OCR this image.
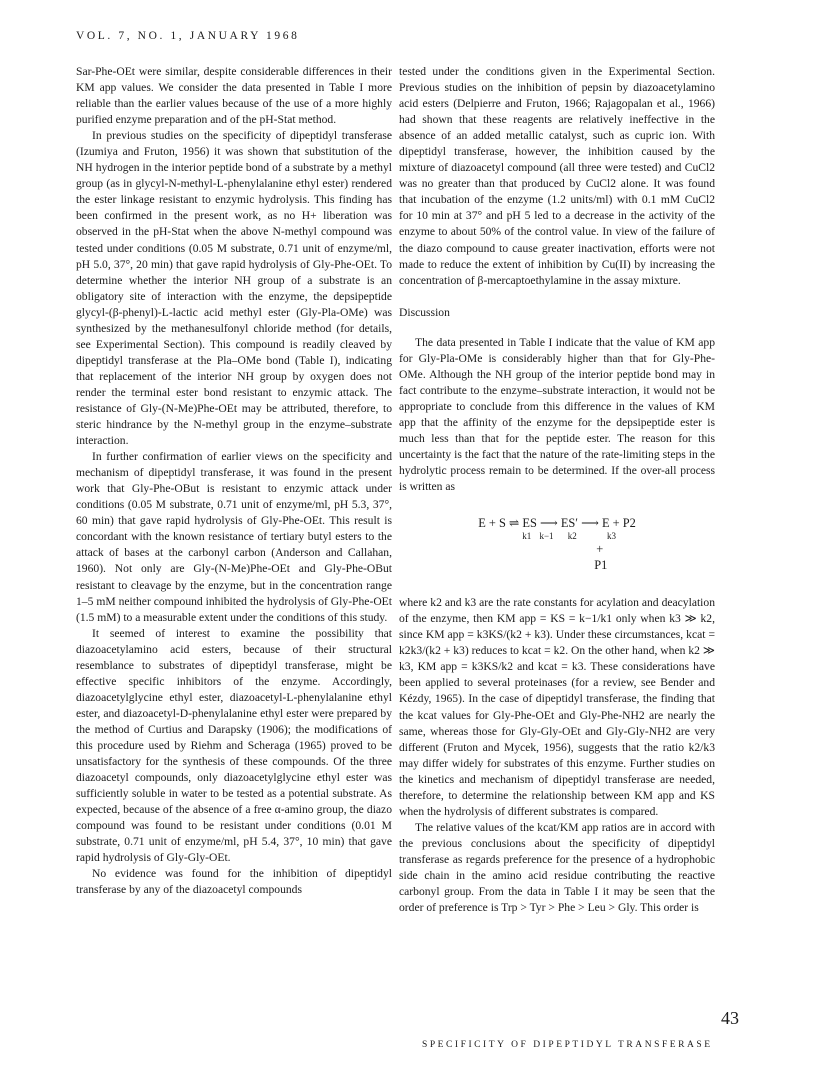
VOL. 7, NO. 1, JANUARY 1968

Sar-Phe-OEt were similar, despite considerable differences in their KM app values. We consider the data presented in Table I more reliable than the earlier values because of the use of a more highly purified enzyme preparation and of the pH-Stat method.

In previous studies on the specificity of dipeptidyl transferase (Izumiya and Fruton, 1956) it was shown that substitution of the NH hydrogen in the interior peptide bond of a substrate by a methyl group (as in glycyl-N-methyl-L-phenylalanine ethyl ester) rendered the ester linkage resistant to enzymic hydrolysis. This finding has been confirmed in the present work, as no H+ liberation was observed in the pH-Stat when the above N-methyl compound was tested under conditions (0.05 M substrate, 0.71 unit of enzyme/ml, pH 5.0, 37°, 20 min) that gave rapid hydrolysis of Gly-Phe-OEt. To determine whether the interior NH group of a substrate is an obligatory site of interaction with the enzyme, the depsipeptide glycyl-(β-phenyl)-L-lactic acid methyl ester (Gly-Pla-OMe) was synthesized by the methanesulfonyl chloride method (for details, see Experimental Section). This compound is readily cleaved by dipeptidyl transferase at the Pla–OMe bond (Table I), indicating that replacement of the interior NH group by oxygen does not render the terminal ester bond resistant to enzymic attack. The resistance of Gly-(N-Me)Phe-OEt may be attributed, therefore, to steric hindrance by the N-methyl group in the enzyme–substrate interaction.

In further confirmation of earlier views on the specificity and mechanism of dipeptidyl transferase, it was found in the present work that Gly-Phe-OBut is resistant to enzymic attack under conditions (0.05 M substrate, 0.71 unit of enzyme/ml, pH 5.3, 37°, 60 min) that gave rapid hydrolysis of Gly-Phe-OEt. This result is concordant with the known resistance of tertiary butyl esters to the attack of bases at the carbonyl carbon (Anderson and Callahan, 1960). Not only are Gly-(N-Me)Phe-OEt and Gly-Phe-OBut resistant to cleavage by the enzyme, but in the concentration range 1–5 mM neither compound inhibited the hydrolysis of Gly-Phe-OEt (1.5 mM) to a measurable extent under the conditions of this study.

It seemed of interest to examine the possibility that diazoacetylamino acid esters, because of their structural resemblance to substrates of dipeptidyl transferase, might be effective specific inhibitors of the enzyme. Accordingly, diazoacetylglycine ethyl ester, diazoacetyl-L-phenylalanine ethyl ester, and diazoacetyl-D-phenylalanine ethyl ester were prepared by the method of Curtius and Darapsky (1906); the modifications of this procedure used by Riehm and Scheraga (1965) proved to be unsatisfactory for the synthesis of these compounds. Of the three diazoacetyl compounds, only diazoacetylglycine ethyl ester was sufficiently soluble in water to be tested as a potential substrate. As expected, because of the absence of a free α-amino group, the diazo compound was found to be resistant under conditions (0.01 M substrate, 0.71 unit of enzyme/ml, pH 5.4, 37°, 10 min) that gave rapid hydrolysis of Gly-Gly-OEt.

No evidence was found for the inhibition of dipeptidyl transferase by any of the diazoacetyl compounds

tested under the conditions given in the Experimental Section. Previous studies on the inhibition of pepsin by diazoacetylamino acid esters (Delpierre and Fruton, 1966; Rajagopalan et al., 1966) had shown that these reagents are relatively ineffective in the absence of an added metallic catalyst, such as cupric ion. With dipeptidyl transferase, however, the inhibition caused by the mixture of diazoacetyl compound (all three were tested) and CuCl2 was no greater than that produced by CuCl2 alone. It was found that incubation of the enzyme (1.2 units/ml) with 0.1 mM CuCl2 for 10 min at 37° and pH 5 led to a decrease in the activity of the enzyme to about 50% of the control value. In view of the failure of the diazo compound to cause greater inactivation, efforts were not made to reduce the extent of inhibition by Cu(II) by increasing the concentration of β-mercaptoethylamine in the assay mixture.

Discussion

The data presented in Table I indicate that the value of KM app for Gly-Pla-OMe is considerably higher than that for Gly-Phe-OMe. Although the NH group of the interior peptide bond may in fact contribute to the enzyme–substrate interaction, it would not be appropriate to conclude from this difference in the values of KM app that the affinity of the enzyme for the depsipeptide ester is much less than that for the peptide ester. The reason for this uncertainty is the fact that the nature of the rate-limiting steps in the hydrolytic process remain to be determined. If the over-all process is written as

E + S ⇌ ES ⟶ ES′ ⟶ E + P2
k1 k−1 k2	k3
+
P1

where k2 and k3 are the rate constants for acylation and deacylation of the enzyme, then KM app = KS = k−1/k1 only when k3 ≫ k2, since KM app = k3KS/(k2 + k3). Under these circumstances, kcat = k2k3/(k2 + k3) reduces to kcat = k2. On the other hand, when k2 ≫ k3, KM app = k3KS/k2 and kcat = k3. These considerations have been applied to several proteinases (for a review, see Bender and Kézdy, 1965). In the case of dipeptidyl transferase, the finding that the kcat values for Gly-Phe-OEt and Gly-Phe-NH2 are nearly the same, whereas those for Gly-Gly-OEt and Gly-Gly-NH2 are very different (Fruton and Mycek, 1956), suggests that the ratio k2/k3 may differ widely for substrates of this enzyme. Further studies on the kinetics and mechanism of dipeptidyl transferase are needed, therefore, to determine the relationship between KM app and KS when the hydrolysis of different substrates is compared.

The relative values of the kcat/KM app ratios are in accord with the previous conclusions about the specificity of dipeptidyl transferase as regards preference for the presence of a hydrophobic side chain in the amino acid residue contributing the reactive carbonyl group. From the data in Table I it may be seen that the order of preference is Trp > Tyr > Phe > Leu > Gly. This order is

43
SPECIFICITY OF DIPEPTIDYL TRANSFERASE
